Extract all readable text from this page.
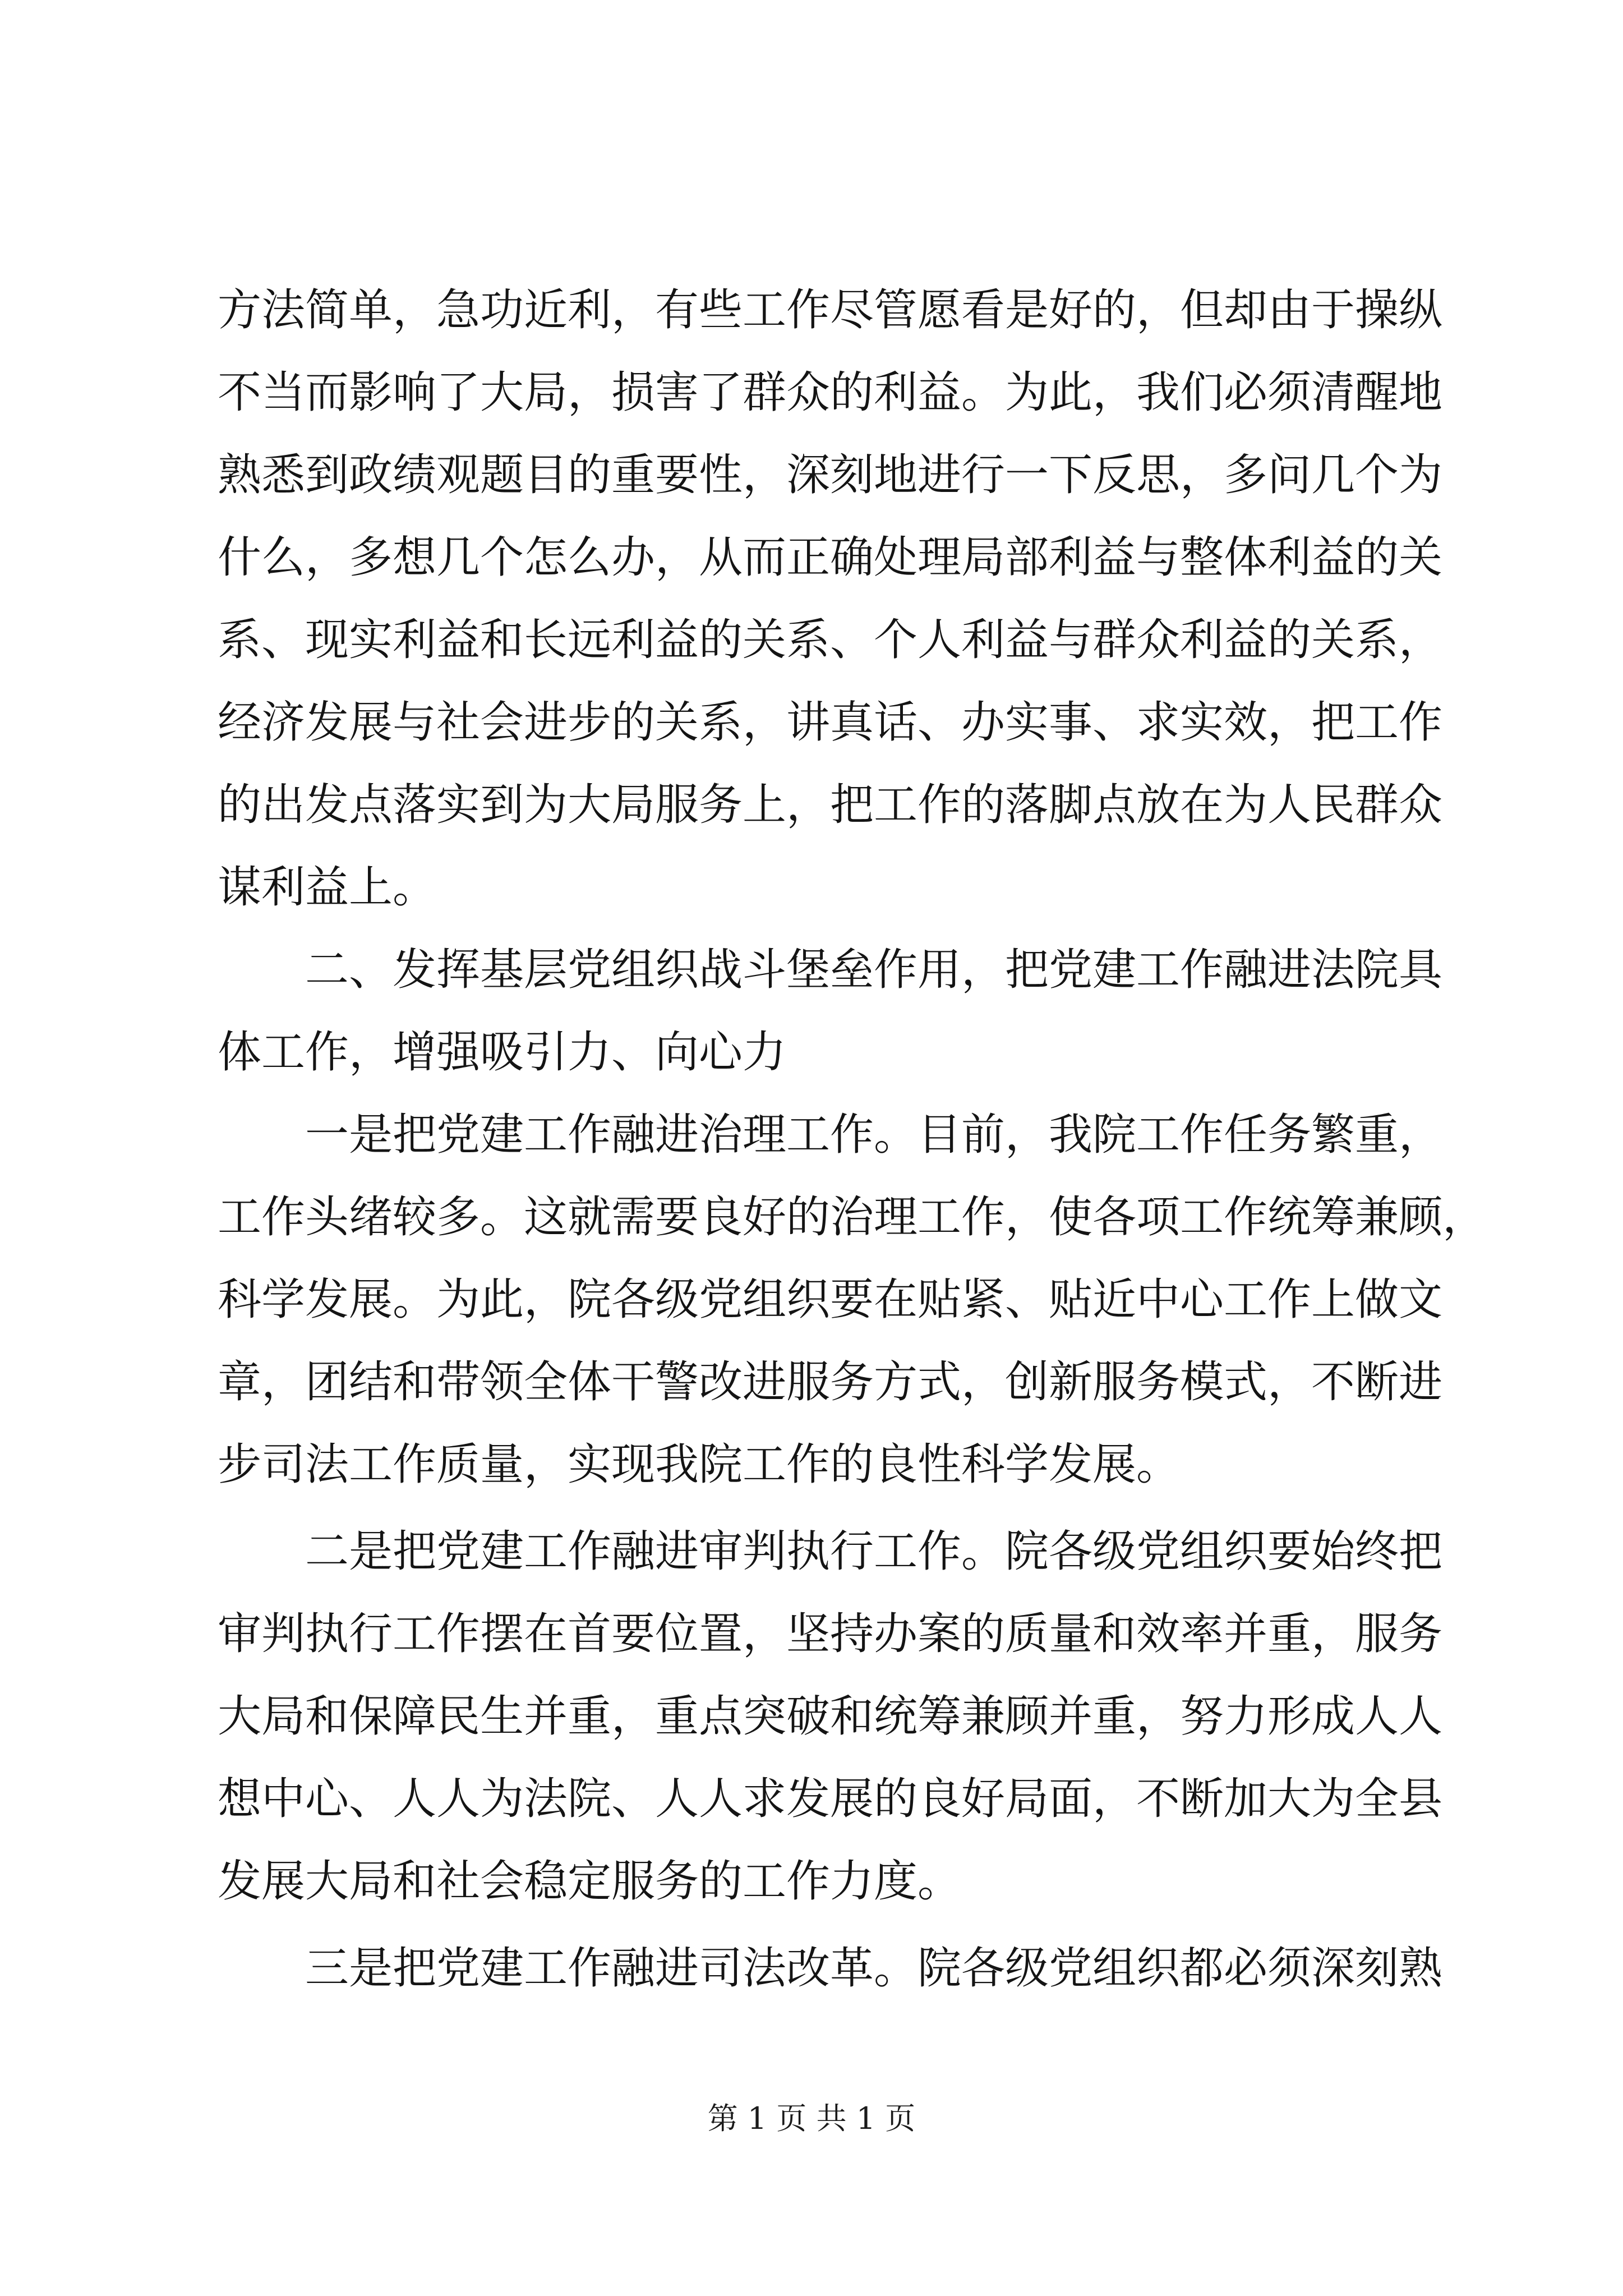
方法简单，急功近利，有些工作尽管愿看是好的，但却由于操纵
不当而影响了大局，损害了群众的利益。为此，我们必须清醒地
熟悉到政绩观题目的重要性，深刻地进行一下反思，多问几个为
什么，多想几个怎么办，从而正确处理局部利益与整体利益的关
系、现实利益和长远利益的关系、个人利益与群众利益的关系，
经济发展与社会进步的关系，讲真话、办实事、求实效，把工作
的出发点落实到为大局服务上，把工作的落脚点放在为人民群众
谋利益上。
二、发挥基层党组织战斗堡垒作用，把党建工作融进法院具
体工作，增强吸引力、向心力
一是把党建工作融进治理工作。目前，我院工作任务繁重，
工作头绪较多。这就需要良好的治理工作，使各项工作统筹兼顾，
科学发展。为此，院各级党组织要在贴紧、贴近中心工作上做文
章，团结和带领全体干警改进服务方式，创新服务模式，不断进
步司法工作质量，实现我院工作的良性科学发展。
二是把党建工作融进审判执行工作。院各级党组织要始终把
审判执行工作摆在首要位置，坚持办案的质量和效率并重，服务
大局和保障民生并重，重点突破和统筹兼顾并重，努力形成人人
想中心、人人为法院、人人求发展的良好局面，不断加大为全县
发展大局和社会稳定服务的工作力度。
三是把党建工作融进司法改革。院各级党组织都必须深刻熟
第 1 页 共 1 页
